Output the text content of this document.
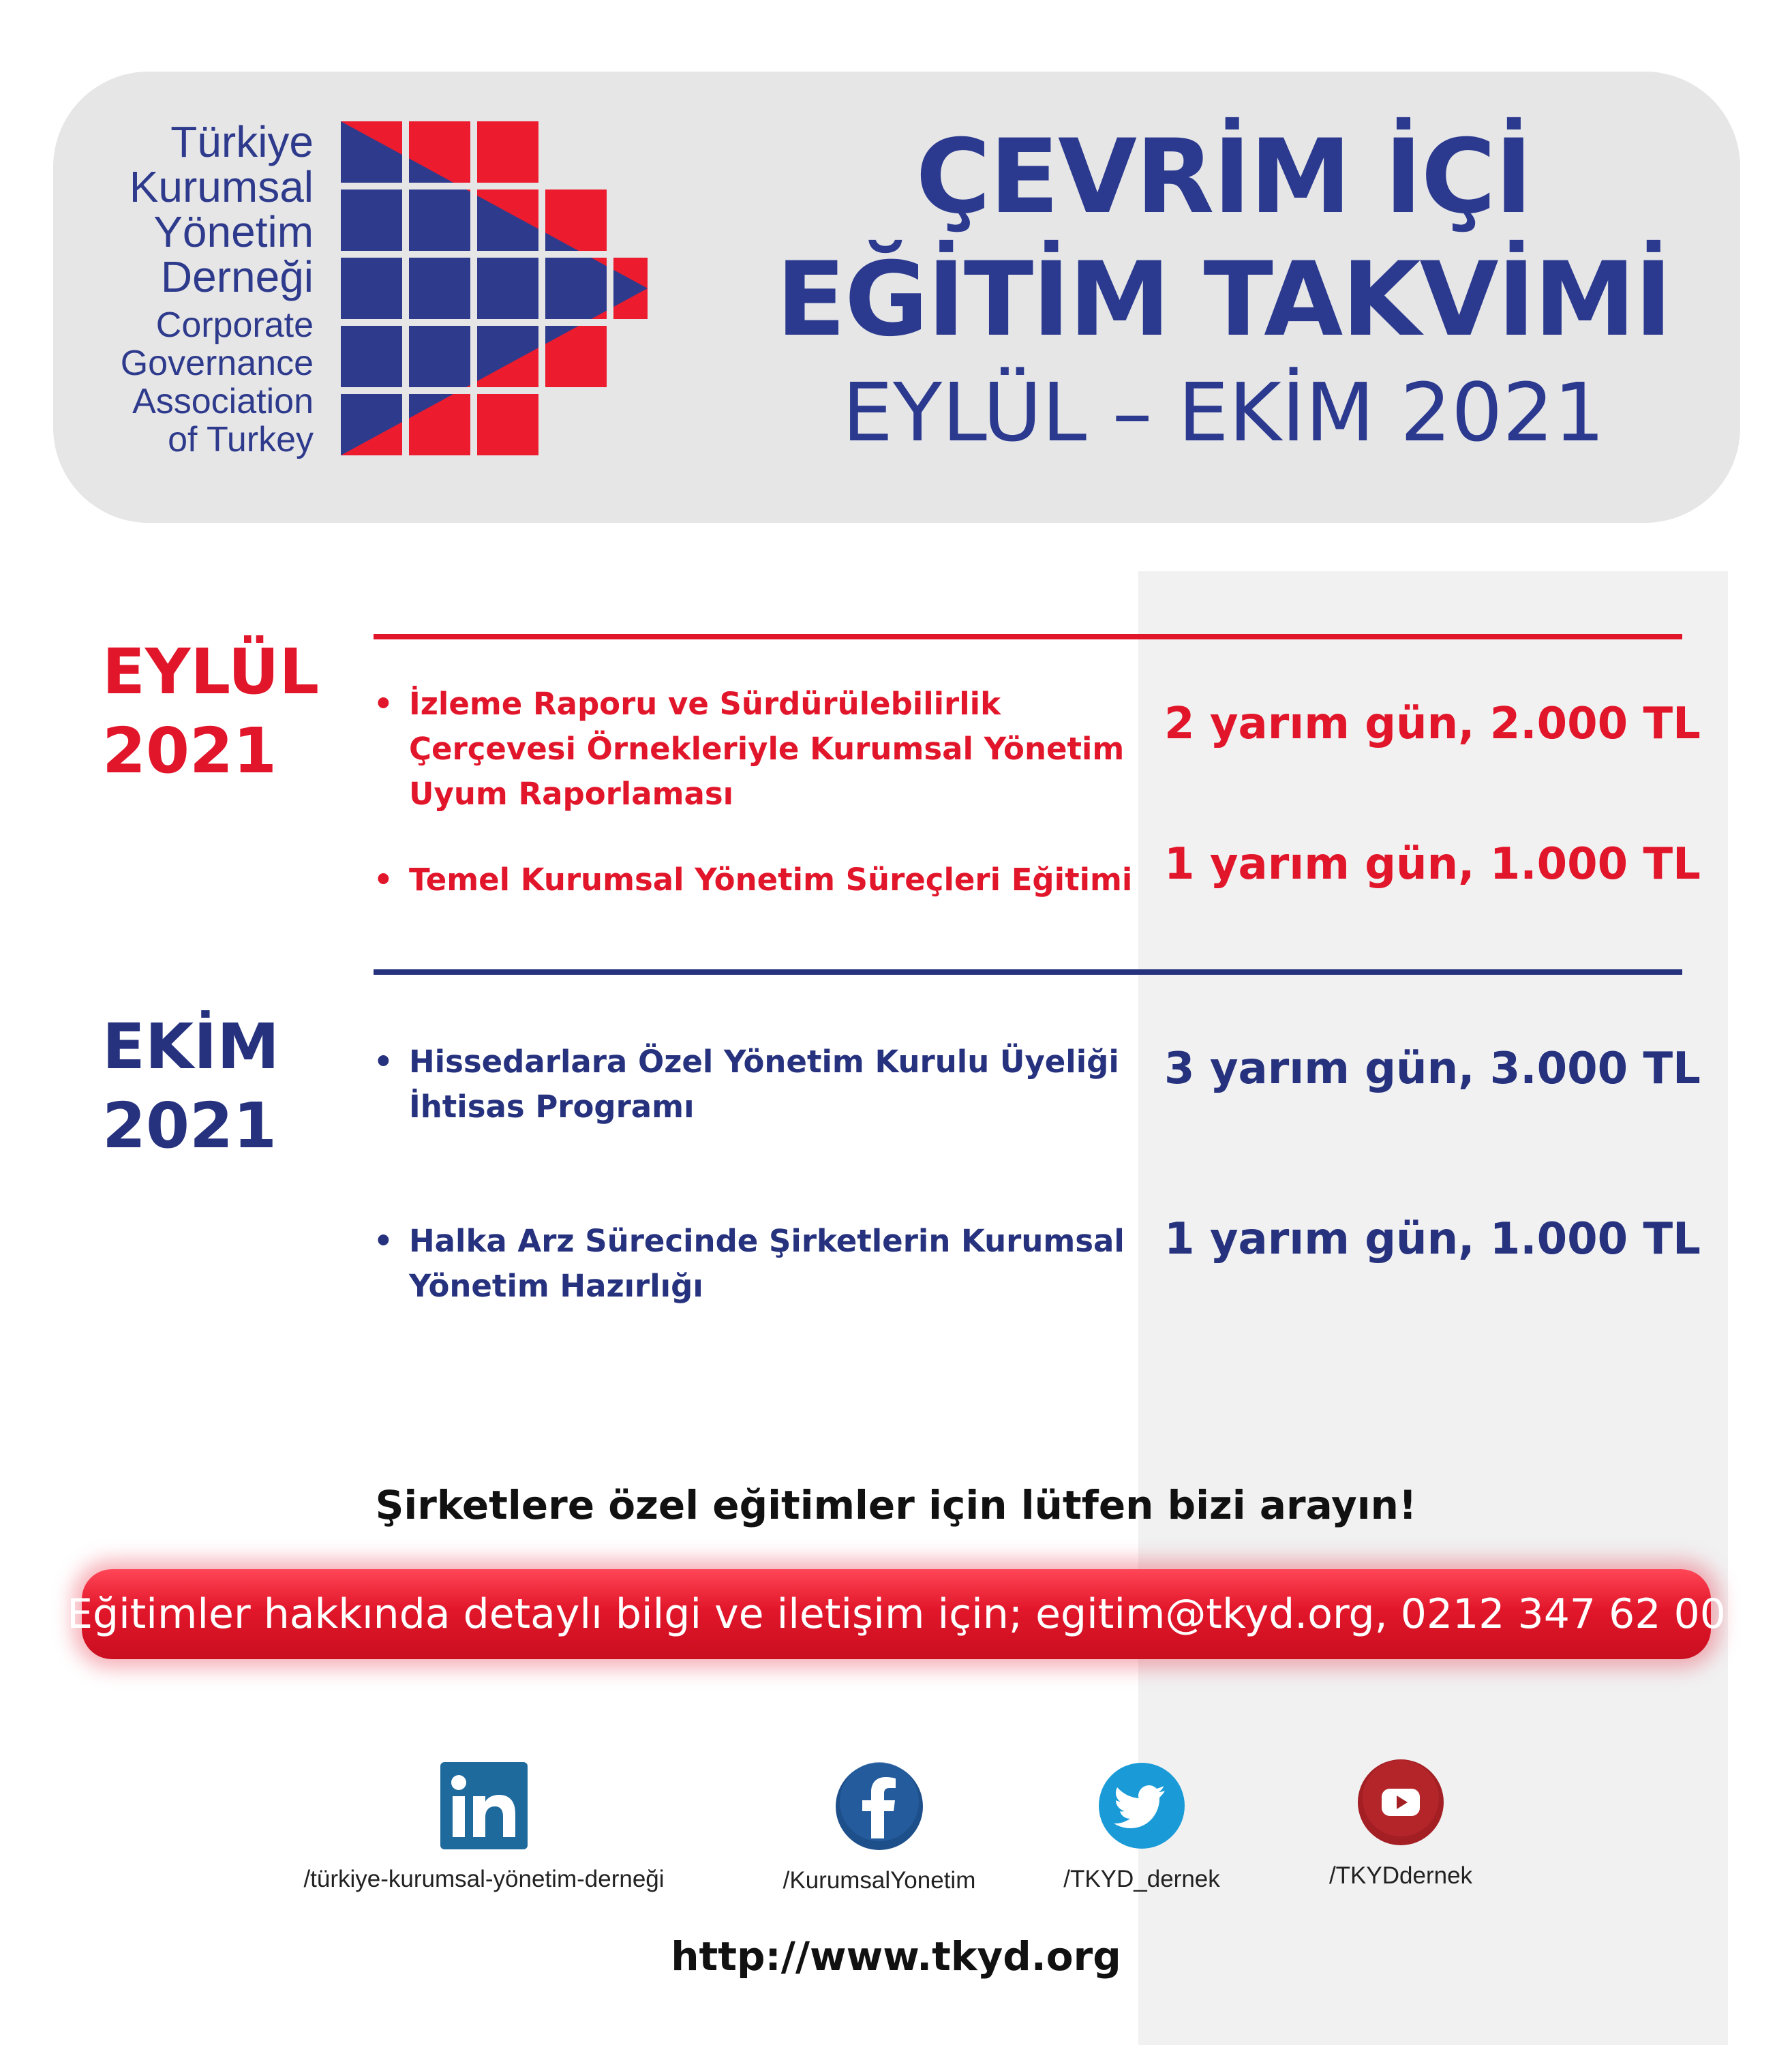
Türkiye
Kurumsal
Yönetim
Derneği
Corporate
Governance
Association
of Turkey
ÇEVRİM İÇİ
EĞİTİM TAKVİMİ
EYLÜL – EKİM 2021
EYLÜL
2021
• İzleme Raporu ve Sürdürülebilirlik
Çerçevesi Örnekleriyle Kurumsal Yönetim
Uyum Raporlaması
2 yarım gün, 2.000 TL
• Temel Kurumsal Yönetim Süreçleri Eğitimi 1 yarım gün, 1.000 TL
EKİM
2021
• Hissedarlara Özel Yönetim Kurulu Üyeliği
İhtisas Programı
3 yarım gün, 3.000 TL
• Halka Arz Sürecinde Şirketlerin Kurumsal
Yönetim Hazırlığı
1 yarım gün, 1.000 TL
Şirketlere özel eğitimler için lütfen bizi arayın!
Eğitimler hakkında detaylı bilgi ve iletişim için; egitim@tkyd.org, 0212 347 62 00
/türkiye-kurumsal-yönetim-derneği	/KurumsalYonetim	/TKYD_dernek	/TKYDdernek
http://www.tkyd.org
